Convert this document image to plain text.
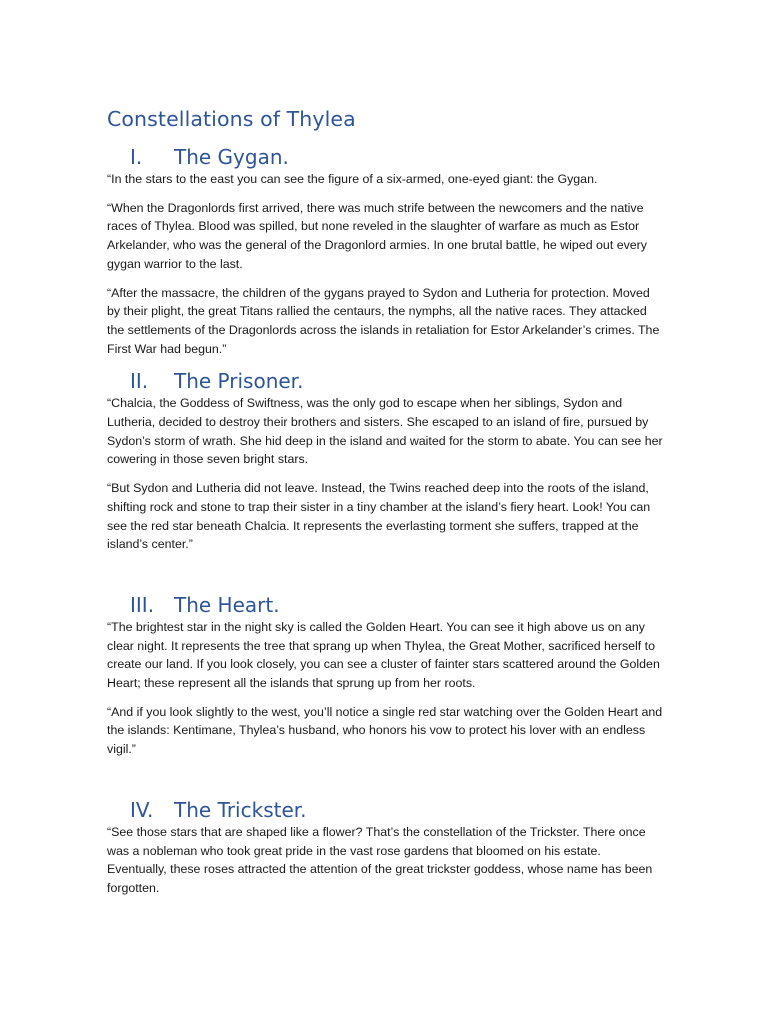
Constellations of Thylea
I.	The Gygan.

“In the stars to the east you can see the figure of a six-armed, one-eyed giant: the Gygan.

“When the Dragonlords first arrived, there was much strife between the newcomers and the native races of Thylea. Blood was spilled, but none reveled in the slaughter of warfare as much as Estor Arkelander, who was the general of the Dragonlord armies. In one brutal battle, he wiped out every gygan warrior to the last.

“After the massacre, the children of the gygans prayed to Sydon and Lutheria for protection. Moved by their plight, the great Titans rallied the centaurs, the nymphs, all the native races. They attacked the settlements of the Dragonlords across the islands in retaliation for Estor Arkelander’s crimes. The First War had begun.”

II.	The Prisoner.

“Chalcia, the Goddess of Swiftness, was the only god to escape when her siblings, Sydon and Lutheria, decided to destroy their brothers and sisters. She escaped to an island of fire, pursued by Sydon’s storm of wrath. She hid deep in the island and waited for the storm to abate. You can see her cowering in those seven bright stars.

“But Sydon and Lutheria did not leave. Instead, the Twins reached deep into the roots of the island, shifting rock and stone to trap their sister in a tiny chamber at the island’s fiery heart. Look! You can see the red star beneath Chalcia. It represents the everlasting torment she suffers, trapped at the island’s center.”

III. The Heart.

“The brightest star in the night sky is called the Golden Heart. You can see it high above us on any clear night. It represents the tree that sprang up when Thylea, the Great Mother, sacrificed herself to create our land. If you look closely, you can see a cluster of fainter stars scattered around the Golden Heart; these represent all the islands that sprung up from her roots.

“And if you look slightly to the west, you’ll notice a single red star watching over the Golden Heart and the islands: Kentimane, Thylea’s husband, who honors his vow to protect his lover with an endless vigil.”

IV.	The Trickster.

“See those stars that are shaped like a flower? That’s the constellation of the Trickster. There once was a nobleman who took great pride in the vast rose gardens that bloomed on his estate. Eventually, these roses attracted the attention of the great trickster goddess, whose name has been forgotten.
